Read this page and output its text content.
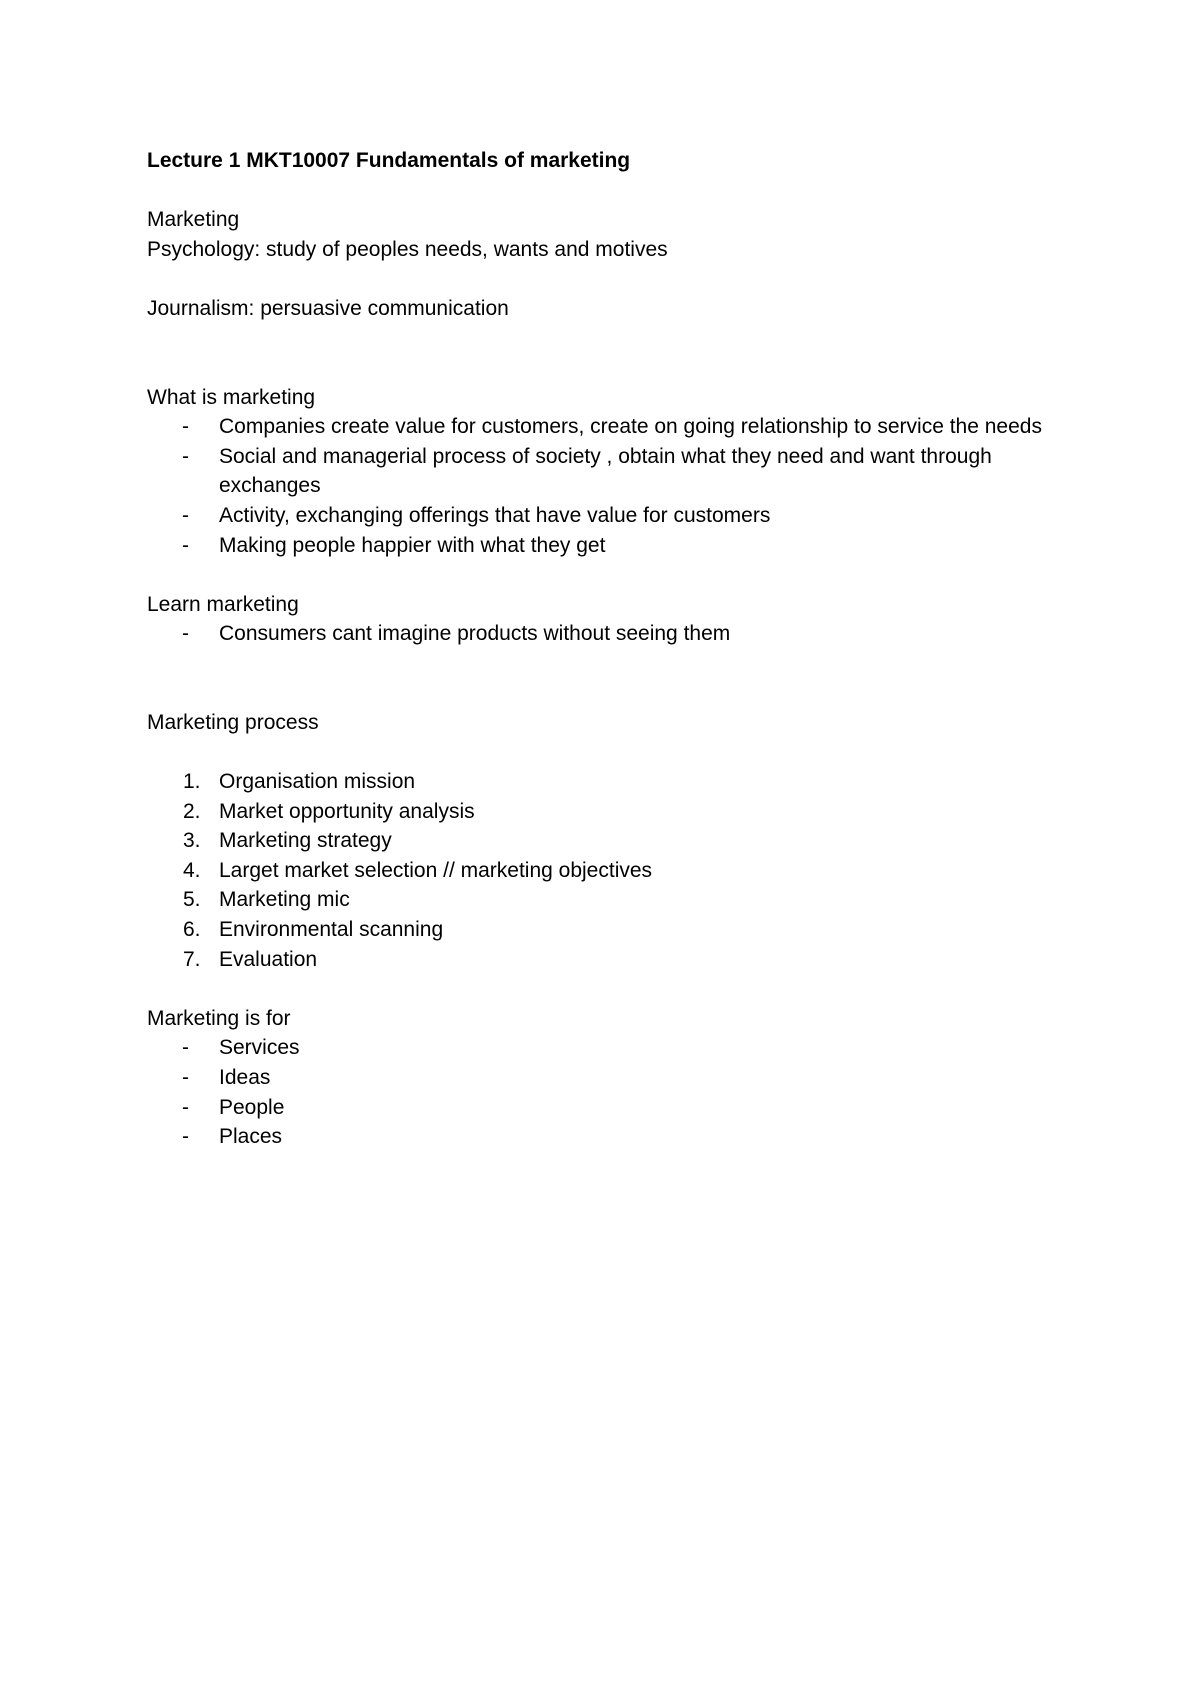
Lecture 1 MKT10007 Fundamentals of marketing

Marketing

Psychology: study of peoples needs, wants and motives

Journalism: persuasive communication

What is marketing

- Companies create value for customers, create on going relationship to service the needs
- Social and managerial process of society , obtain what they need and want through exchanges
- Activity, exchanging offerings that have value for customers
- Making people happier with what they get

Learn marketing

- Consumers cant imagine products without seeing them

Marketing process

1. Organisation mission
2. Market opportunity analysis
3. Marketing strategy
4. Larget market selection // marketing objectives
5. Marketing mic
6. Environmental scanning
7. Evaluation

Marketing is for

- Services
- Ideas
- People
- Places
